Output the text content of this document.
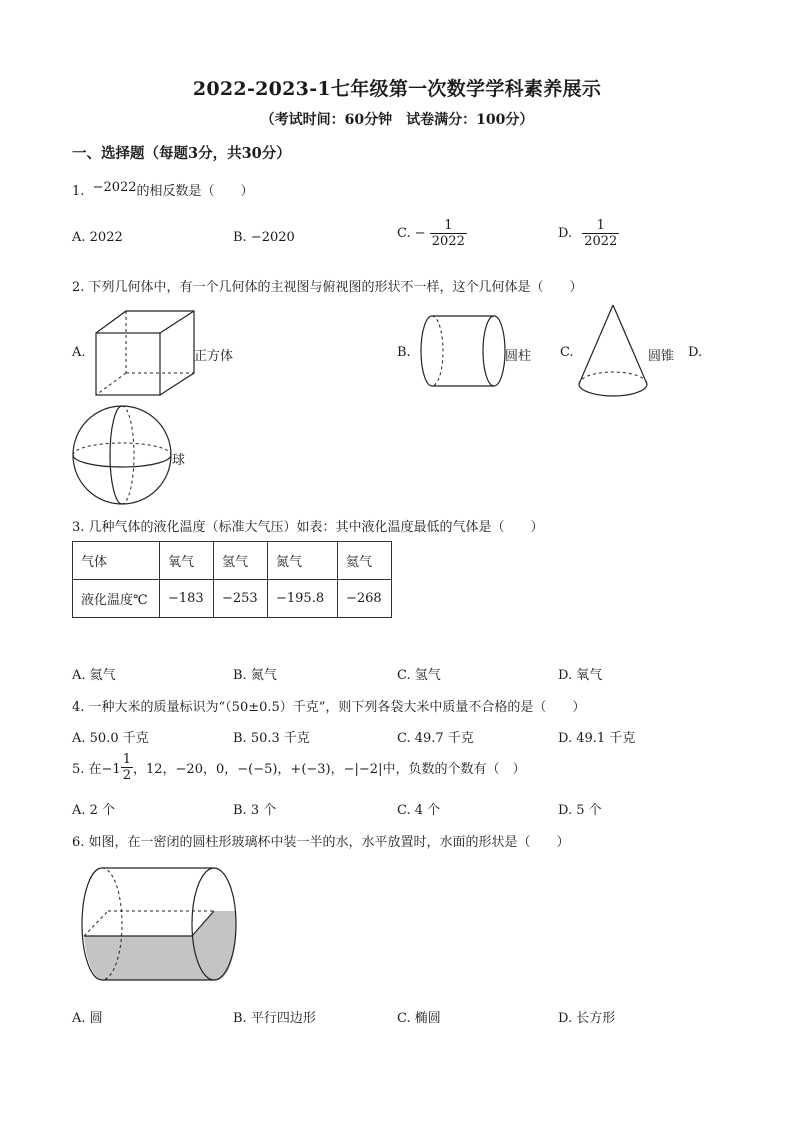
2022-2023-1七年级第一次数学学科素养展示
（考试时间：60分钟　试卷满分：100分）
一、选择题（每题3分，共30分）
1. −2022的相反数是（　　）
A. 2022	B. −2020	C. − $\frac{1}{2022}$	D. $\frac{1}{2022}$
2. 下列几何体中，有一个几何体的主视图与俯视图的形状不一样，这个几何体是（　　）
A.	正方体	B.	圆柱 C.	圆锥 D.
球
3. 几种气体的液化温度（标准大气压）如表：其中液化温度最低的气体是（　　）
气体	氧气	氢气	氮气	氦气
液化温度℃	−183	−253	−195.8	−268
A. 氦气	B. 氮气	C. 氢气	D. 氧气
4. 一种大米的质量标识为“（50±0.5）千克”，则下列各袋大米中质量不合格的是（　　）
A. 50.0 千克	B. 50.3 千克	C. 49.7 千克	D. 49.1 千克
5. 在$-1 \frac{1}{2}$ ，12，−20，0，−(−5)，+(−3)，−|−2|中，负数的个数有（　）
A. 2 个	B. 3 个	C. 4 个	D. 5 个
6. 如图，在一密闭的圆柱形玻璃杯中装一半的水，水平放置时，水面的形状是（　　）
A. 圆	B. 平行四边形	C. 椭圆	D. 长方形
